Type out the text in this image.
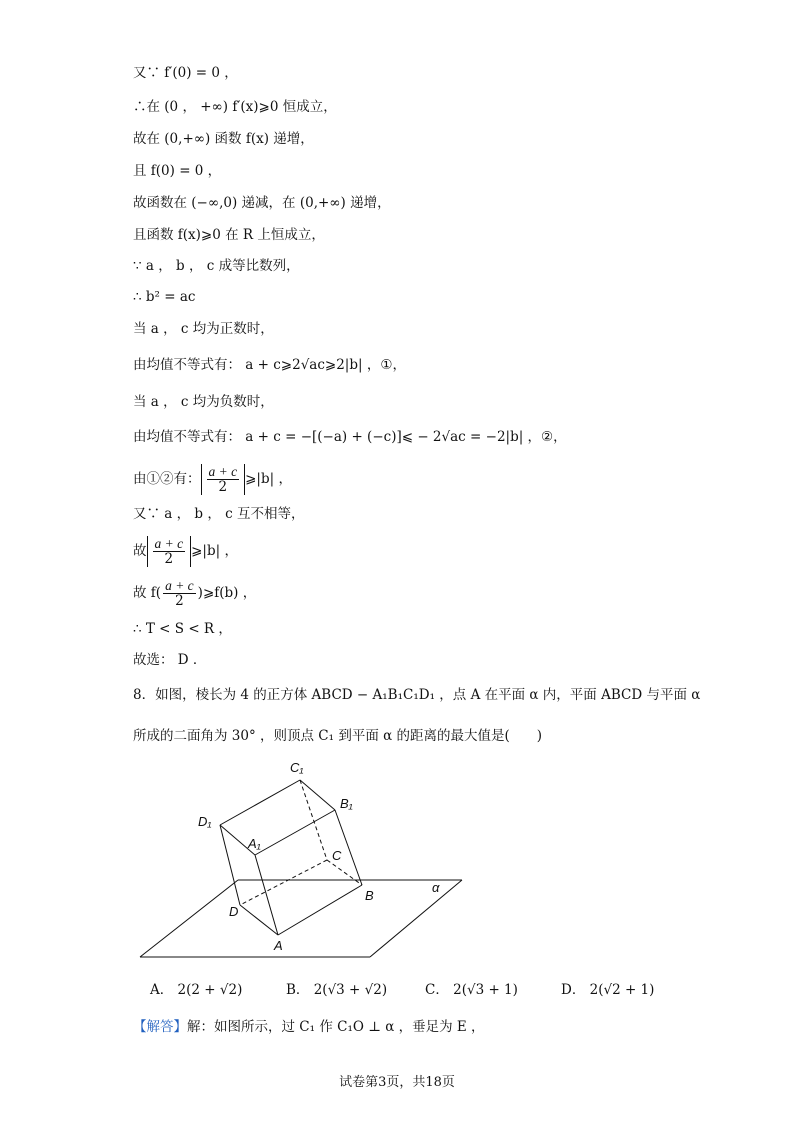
又∵ f′(0) = 0 ，
∴在 (0 ， +∞) f′(x)⩾0 恒成立，
故在 (0,+∞) 函数 f(x) 递增，
且 f(0) = 0 ，
故函数在 (−∞,0) 递减，在 (0,+∞) 递增，
且函数 f(x)⩾0 在 R 上恒成立，
∵ a ， b ， c 成等比数列，
∴ b² = ac
当 a ， c 均为正数时，
由均值不等式有： a + c⩾2√ac⩾2|b| ，①，
当 a ， c 均为负数时，
由均值不等式有： a + c = −[(−a) + (−c)]⩽ − 2√ac = −2|b| ，②，
由①②有： $\frac{a + c}{2}$ ⩾|b| ，
又∵ a ， b ， c 互不相等，
故 $\frac{a + c}{2}$ ⩾|b| ，
故 $f( \frac{a + c}{2}$ )⩾f(b) ，
∴ T < S < R ，
故选： D ．
8．如图，棱长为 4 的正方体 ABCD − A₁B₁C₁D₁ ，点 A 在平面 α 内，平面 ABCD 与平面 α
所成的二面角为 30° ，则顶点 C₁ 到平面 α 的距离的最大值是(　　)
C₁
B₁
D₁
A₁
C
B
D
A
α
A． 2(2 + √2)	B． 2(√3 + √2)	C． 2(√3 + 1)	D． 2(√2 + 1)
【解答】解：如图所示，过 C₁ 作 C₁O ⊥ α ，垂足为 E ，
试卷第3页，共18页
